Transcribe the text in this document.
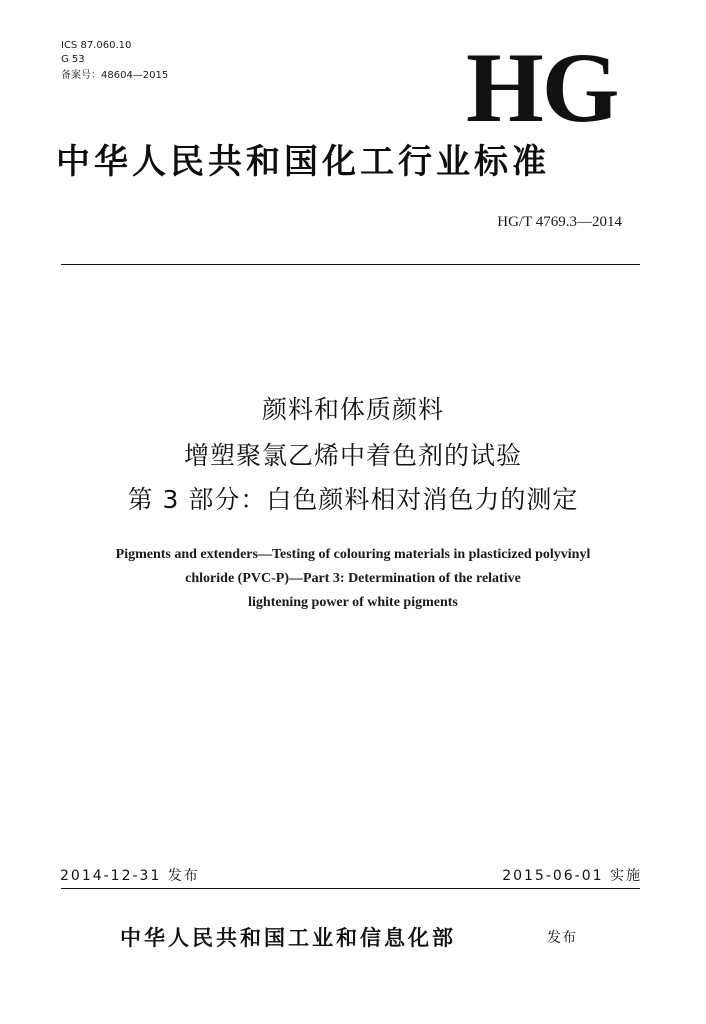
ICS 87.060.10
G 53
备案号：48604—2015	HG
中华人民共和国化工行业标准
HG/T 4769.3—2014
颜料和体质颜料
增塑聚氯乙烯中着色剂的试验
第 3 部分：白色颜料相对消色力的测定
Pigments and extenders—Testing of colouring materials in plasticized polyvinyl
chloride (PVC-P)—Part 3: Determination of the relative
lightening power of white pigments
2014-12-31 发布	2015-06-01 实施
中华人民共和国工业和信息化部	发布
